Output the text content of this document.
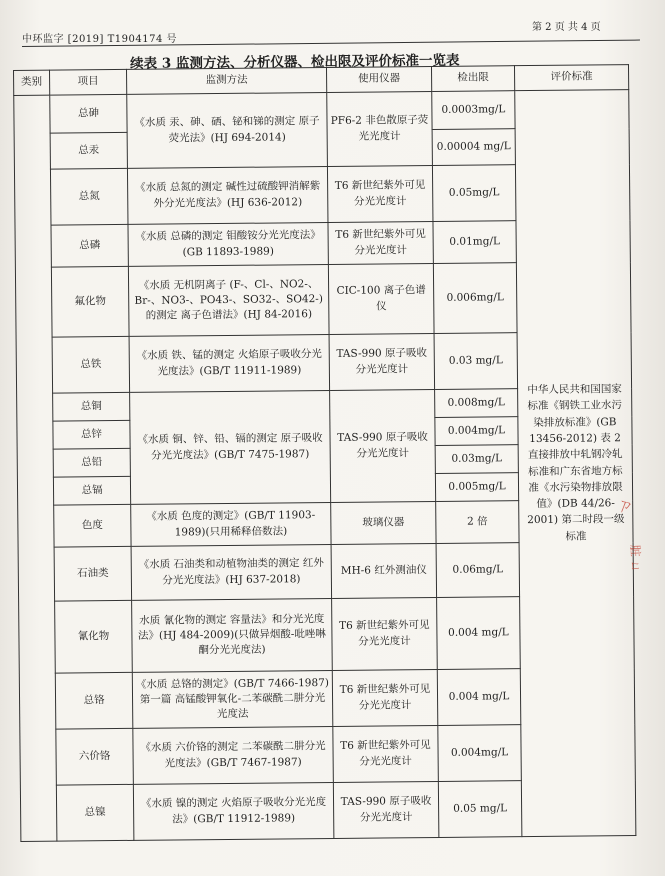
中环监字 [2019] T1904174 号
第 2 页 共 4 页
续表 3 监测方法、分析仪器、检出限及评价标准一览表
类别	项目	监测方法	使用仪器	检出限	评价标准
	总砷	《水质 汞、砷、硒、铋和锑的测定 原子荧光法》(HJ 694-2014)	PF6-2 非色散原子荧光光度计	0.0003mg/L	中华人民共和国国家标准《钢铁工业水污染排放标准》(GB 13456-2012) 表 2 直接排放中轧钢冷轧标准和广东省地方标准《水污染物排放限值》(DB 44/26-2001) 第二时段一级标准
	总汞			0.00004 mg/L	
	总氮	《水质 总氮的测定 碱性过硫酸钾消解紫外分光光度法》(HJ 636-2012)	T6 新世纪紫外可见分光光度计	0.05mg/L	
	总磷	《水质 总磷的测定 钼酸铵分光光度法》(GB 11893-1989)	T6 新世纪紫外可见分光光度计	0.01mg/L	
	氟化物	《水质 无机阴离子 (F-、Cl-、NO2-、Br-、NO3-、PO43-、SO32-、SO42-) 的测定 离子色谱法》(HJ 84-2016)	CIC-100 离子色谱仪	0.006mg/L	
	总铁	《水质 铁、锰的测定 火焰原子吸收分光光度法》(GB/T 11911-1989)	TAS-990 原子吸收分光光度计	0.03 mg/L	
	总铜	《水质 铜、锌、铅、镉的测定 原子吸收分光光度法》(GB/T 7475-1987)	TAS-990 原子吸收分光光度计	0.008mg/L	
	总锌			0.004mg/L	
	总铅			0.03mg/L	
	总镉			0.005mg/L	
	色度	《水质 色度的测定》(GB/T 11903-1989)(只用稀释倍数法)	玻璃仪器	2 倍	
	石油类	《水质 石油类和动植物油类的测定 红外分光光度法》(HJ 637-2018)	MH-6 红外测油仪	0.06mg/L	
	氰化物	水质 氰化物的测定 容量法》和分光光度法》(HJ 484-2009)(只做异烟酸-吡唑啉酮分光光度法)	T6 新世纪紫外可见分光光度计	0.004 mg/L	
	总铬	《水质 总铬的测定》(GB/T 7466-1987) 第一篇 高锰酸钾氧化-二苯碳酰二肼分光光度法	T6 新世纪紫外可见分光光度计	0.004 mg/L	
	六价铬	《水质 六价铬的测定 二苯碳酰二肼分光光度法》(GB/T 7467-1987)	T6 新世纪紫外可见分光光度计	0.004mg/L	
	总镍	《水质 镍的测定 火焰原子吸收分光光度法》(GB/T 11912-1989)	TAS-990 原子吸收分光光度计	0.05 mg/L	
ㄗ
脏 ㄩ
